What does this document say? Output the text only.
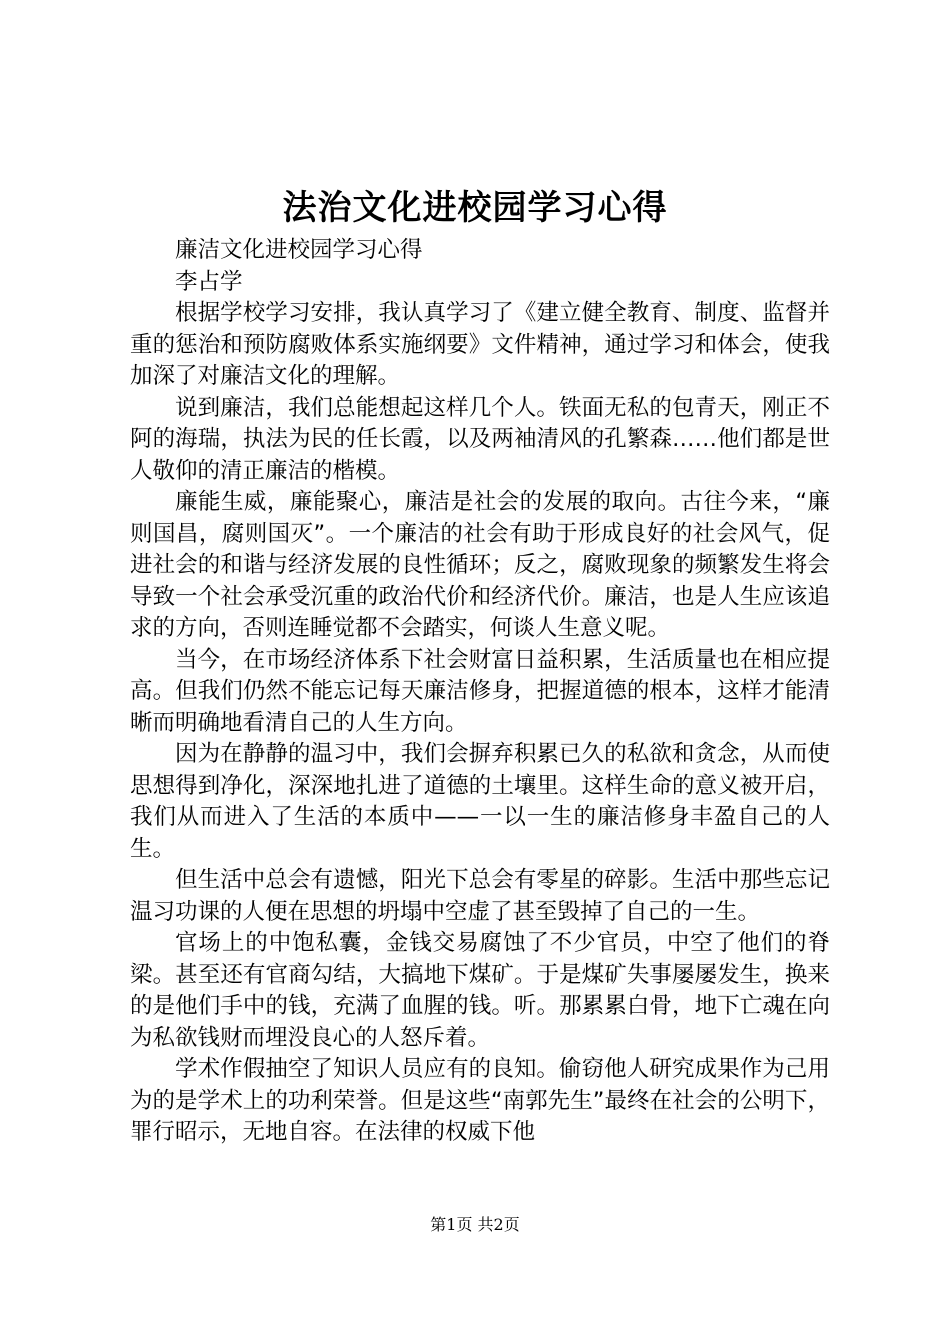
法治文化进校园学习心得

廉洁文化进校园学习心得

李占学

根据学校学习安排，我认真学习了《建立健全教育、制度、监督并重的惩治和预防腐败体系实施纲要》文件精神，通过学习和体会，使我加深了对廉洁文化的理解。

说到廉洁，我们总能想起这样几个人。铁面无私的包青天，刚正不阿的海瑞，执法为民的任长霞，以及两袖清风的孔繁森……他们都是世人敬仰的清正廉洁的楷模。

廉能生威，廉能聚心，廉洁是社会的发展的取向。古往今来，“廉则国昌，腐则国灭”。一个廉洁的社会有助于形成良好的社会风气，促进社会的和谐与经济发展的良性循环；反之，腐败现象的频繁发生将会导致一个社会承受沉重的政治代价和经济代价。廉洁，也是人生应该追求的方向，否则连睡觉都不会踏实，何谈人生意义呢。

当今，在市场经济体系下社会财富日益积累，生活质量也在相应提高。但我们仍然不能忘记每天廉洁修身，把握道德的根本，这样才能清晰而明确地看清自己的人生方向。

因为在静静的温习中，我们会摒弃积累已久的私欲和贪念，从而使思想得到净化，深深地扎进了道德的土壤里。这样生命的意义被开启，我们从而进入了生活的本质中——一以一生的廉洁修身丰盈自己的人生。

但生活中总会有遗憾，阳光下总会有零星的碎影。生活中那些忘记温习功课的人便在思想的坍塌中空虚了甚至毁掉了自己的一生。

官场上的中饱私囊，金钱交易腐蚀了不少官员，中空了他们的脊梁。甚至还有官商勾结，大搞地下煤矿。于是煤矿失事屡屡发生，换来的是他们手中的钱，充满了血腥的钱。听。那累累白骨，地下亡魂在向为私欲钱财而埋没良心的人怒斥着。

学术作假抽空了知识人员应有的良知。偷窃他人研究成果作为己用为的是学术上的功利荣誉。但是这些“南郭先生”最终在社会的公明下，罪行昭示，无地自容。在法律的权威下他

第1页 共2页
